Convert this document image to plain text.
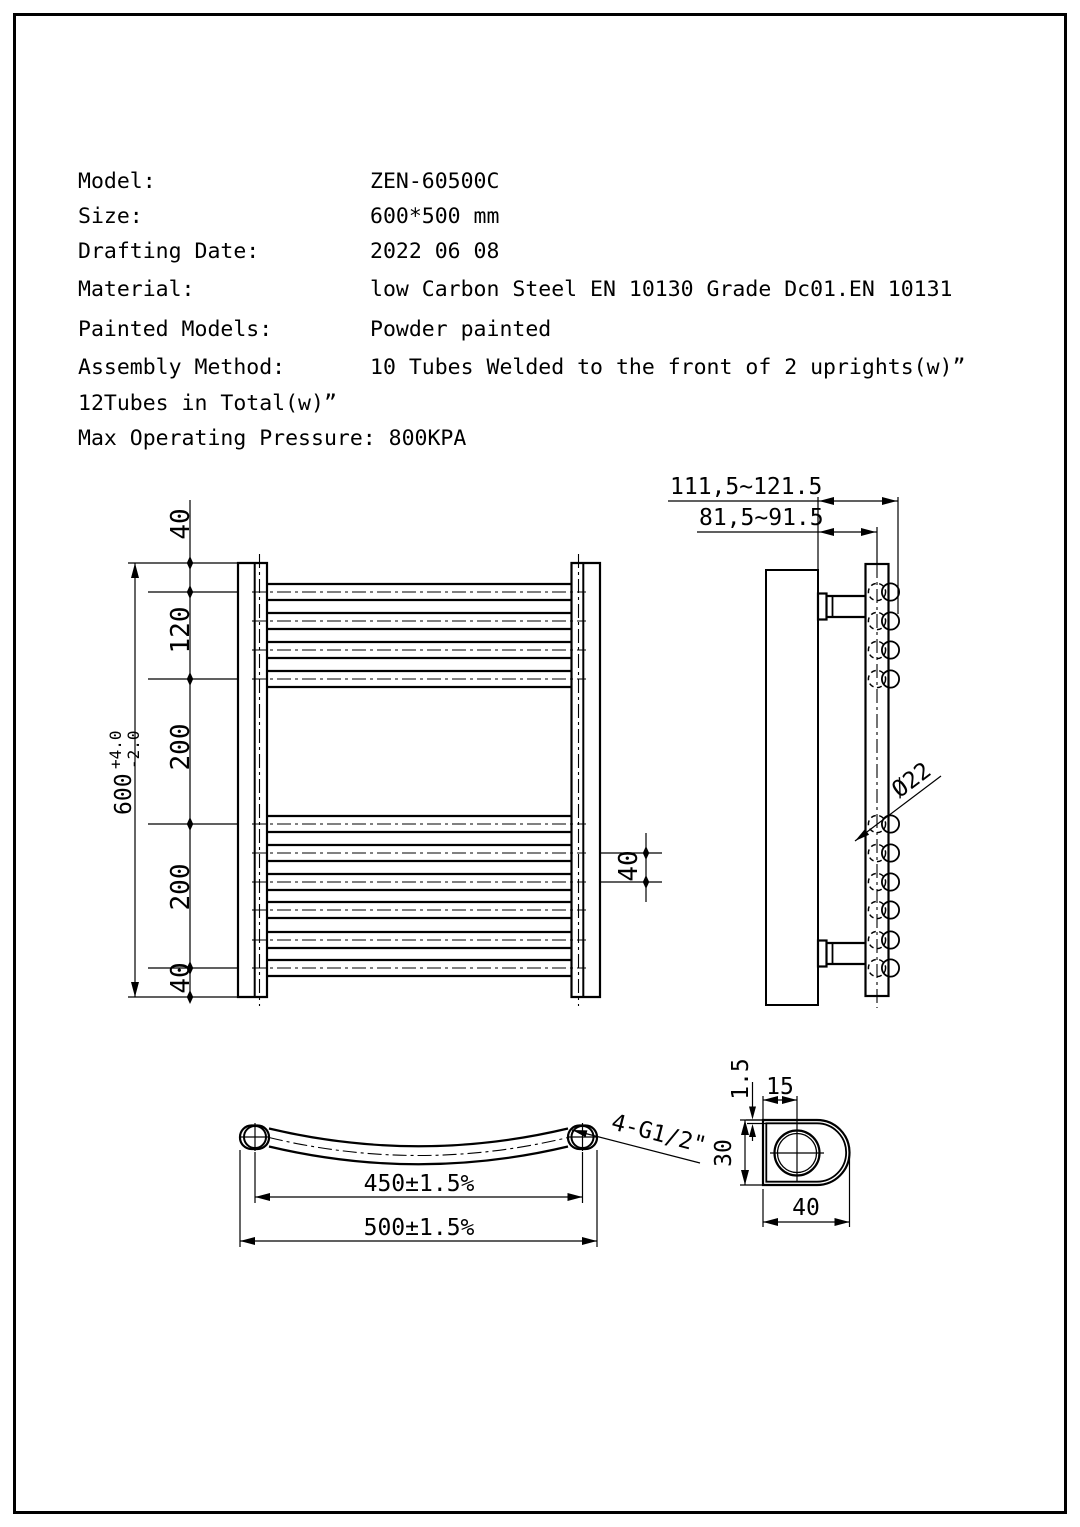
Model:	ZEN-60500C
Size:	600*500 mm
Drafting Date:	2022 06 08
Material:	low Carbon Steel EN 10130 Grade Dc01.EN 10131
Painted Models:	Powder painted
Assembly Method:	10 Tubes Welded to the front of 2 uprights(w)”
12Tubes in Total(w)”
Max Operating Pressure: 800KPA
600
+4.0 -2.0
40
120
200
200
40
40
111,5~121.5
81,5~91.5
Ø22
450±1.5%
500±1.5%
4-G1/2"
15
1.5
30
40
